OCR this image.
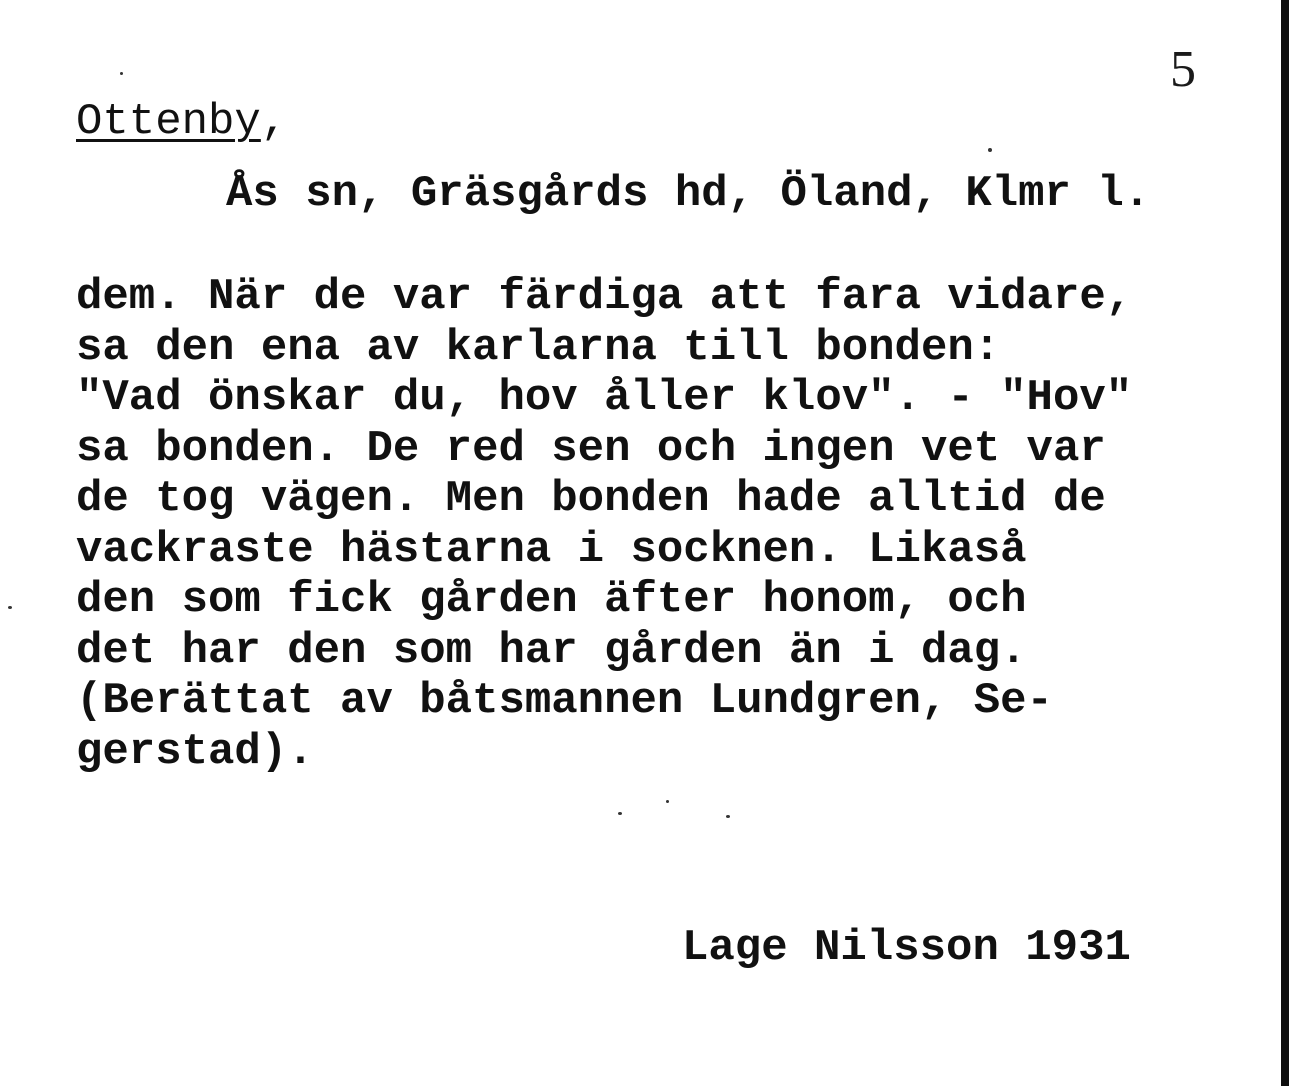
5
Ottenby,
Ås sn, Gräsgårds hd, Öland, Klmr l.
dem. När de var färdiga att fara vidare,
sa den ena av karlarna till bonden:
"Vad önskar du, hov åller klov". - "Hov"
sa bonden. De red sen och ingen vet var
de tog vägen. Men bonden hade alltid de
vackraste hästarna i socknen. Likaså
den som fick gården äfter honom, och
det har den som har gården än i dag.
(Berättat av båtsmannen Lundgren, Se-
gerstad).
Lage Nilsson 1931
